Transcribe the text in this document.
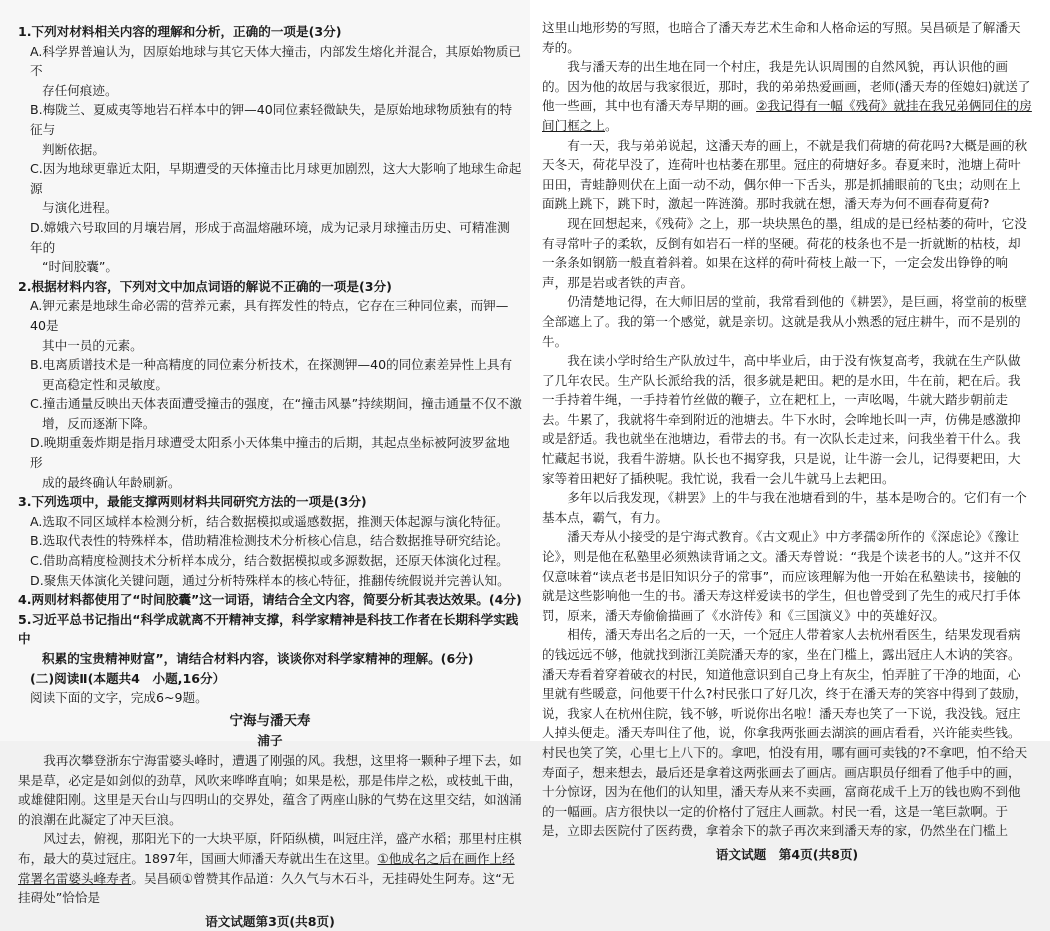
1.下列对材料相关内容的理解和分析，正确的一项是(3分)

A.科学界普遍认为，因原始地球与其它天体大撞击，内部发生熔化并混合，其原始物质已不

存任何痕迹。

B.梅陇兰、夏威夷等地岩石样本中的钾—40同位素轻微缺失，是原始地球物质独有的特征与

判断依据。

C.因为地球更靠近太阳，早期遭受的天体撞击比月球更加剧烈，这大大影响了地球生命起源

与演化进程。

D.嫦娥六号取回的月壤岩屑，形成于高温熔融环境，成为记录月球撞击历史、可精准测年的

“时间胶囊”。

2.根据材料内容，下列对文中加点词语的解说不正确的一项是(3分)

A.钾元素是地球生命必需的营养元素，具有挥发性的特点，它存在三种同位素，而钾—40是

其中一员的元素。

B.电离质谱技术是一种高精度的同位素分析技术，在探测钾—40的同位素差异性上具有

更高稳定性和灵敏度。

C.撞击通量反映出天体表面遭受撞击的强度，在“撞击风暴”持续期间，撞击通量不仅不激

增，反而逐渐下降。

D.晚期重轰炸期是指月球遭受太阳系小天体集中撞击的后期，其起点坐标被阿波罗盆地形

成的最终确认年龄刷新。

3.下列选项中，最能支撑两则材料共同研究方法的一项是(3分)

A.选取不同区域样本检测分析，结合数据模拟或遥感数据，推测天体起源与演化特征。

B.选取代表性的特殊样本，借助精准检测技术分析核心信息，结合数据推导研究结论。

C.借助高精度检测技术分析样本成分，结合数据模拟或多源数据，还原天体演化过程。

D.聚焦天体演化关键问题，通过分析特殊样本的核心特征，推翻传统假说并完善认知。

4.两则材料都使用了“时间胶囊”这一词语，请结合全文内容，简要分析其表达效果。(4分)

5.习近平总书记指出“科学成就离不开精神支撑，科学家精神是科技工作者在长期科学实践中

积累的宝贵精神财富”，请结合材料内容，谈谈你对科学家精神的理解。(6分)

(二)阅读Ⅱ(本题共4　小题,16分）

阅读下面的文字，完成6~9题。

宁海与潘天寿

浦子

我再次攀登浙东宁海雷婆头峰时，遭遇了刚强的风。我想，这里将一颗种子埋下去，如果是草，必定是如剑似的劲草，风吹来哗哗直响；如果是松，那是伟岸之松，或枝虬干曲，或雄健阳刚。这里是天台山与四明山的交界处，蕴含了两座山脉的气势在这里交结，如汹涌的浪潮在此凝定了冲天巨浪。

风过去，俯视，那阳光下的一大块平原，阡陌纵横，叫冠庄洋，盛产水稻；那里村庄棋布，最大的莫过冠庄。1897年，国画大师潘天寿就出生在这里。①他成名之后在画作上经常署名雷婆头峰寿者。吴昌硕①曾赞其作品道：久久气与木石斗，无挂碍处生阿寿。这“无挂碍处”恰恰是

语文试题第3页(共8页)

这里山地形势的写照，也暗合了潘天寿艺术生命和人格命运的写照。吴昌硕是了解潘天寿的。

我与潘天寿的出生地在同一个村庄，我是先认识周围的自然风貌，再认识他的画的。因为他的故居与我家很近，那时，我的弟弟热爱画画，老师(潘天寿的侄媳妇)就送了他一些画，其中也有潘天寿早期的画。②我记得有一幅《残荷》就挂在我兄弟俩同住的房间门框之上。

有一天，我与弟弟说起，这潘天寿的画上，不就是我们荷塘的荷花吗?大概是画的秋天冬天，荷花早没了，连荷叶也枯萎在那里。冠庄的荷塘好多。春夏来时，池塘上荷叶田田，青蛙静则伏在上面一动不动，偶尔伸一下舌头，那是抓捕眼前的飞虫；动则在上面跳上跳下，跳下时，激起一阵涟漪。那时我就在想，潘天寿为何不画春荷夏荷?

现在回想起来，《残荷》之上，那一块块黑色的墨，组成的是已经枯萎的荷叶，它没有寻常叶子的柔软，反倒有如岩石一样的坚硬。荷花的枝条也不是一折就断的枯枝，却一条条如钢筋一般直着斜着。如果在这样的荷叶荷枝上敲一下，一定会发出铮铮的响声，那是岩或者铁的声音。

仍清楚地记得，在大师旧居的堂前，我常看到他的《耕罢》，是巨画，将堂前的板壁全部遮上了。我的第一个感觉，就是亲切。这就是我从小熟悉的冠庄耕牛，而不是别的牛。

我在读小学时给生产队放过牛，高中毕业后，由于没有恢复高考，我就在生产队做了几年农民。生产队长派给我的活，很多就是耙田。耙的是水田，牛在前，耙在后。我一手持着牛绳，一手持着竹丝做的鞭子，立在耙杠上，一声吆喝，牛就大踏步朝前走去。牛累了，我就将牛牵到附近的池塘去。牛下水时，会哞地长叫一声，仿佛是感激抑或是舒适。我也就坐在池塘边，看带去的书。有一次队长走过来，问我坐着干什么。我忙藏起书说，我看牛游塘。队长也不揭穿我，只是说，让牛游一会儿，记得要耙田，大家等着田耙好了插秧呢。我忙说，我看一会儿牛就马上去耙田。

多年以后我发现，《耕罢》上的牛与我在池塘看到的牛，基本是吻合的。它们有一个基本点，霸气，有力。

潘天寿从小接受的是宁海式教育。《古文观止》中方孝孺②所作的《深虑论》《豫让论》，则是他在私塾里必须熟读背诵之文。潘天寿曾说：“我是个读老书的人。”这并不仅仅意味着“读点老书是旧知识分子的常事”，而应该理解为他一开始在私塾读书，接触的就是这些影响他一生的书。潘天寿这样爱读书的学生，但也曾受到了先生的戒尺打手体罚，原来，潘天寿偷偷描画了《水浒传》和《三国演义》中的英雄好汉。

相传，潘天寿出名之后的一天，一个冠庄人带着家人去杭州看医生，结果发现看病的钱远远不够，他就找到浙江美院潘天寿的家，坐在门槛上，露出冠庄人木讷的笑容。潘天寿看着穿着破衣的村民，知道他意识到自己身上有灰尘，怕弄脏了干净的地面，心里就有些暖意，问他要干什么?村民张口了好几次，终于在潘天寿的笑容中得到了鼓励，说，我家人在杭州住院，钱不够，听说你出名啦！潘天寿也笑了一下说，我没钱。冠庄人掉头便走。潘天寿叫住了他，说，你拿我两张画去湖滨的画店看看，兴许能卖些钱。村民也笑了笑，心里七上八下的。拿吧，怕没有用，哪有画可卖钱的?不拿吧，怕不给天寿面子，想来想去，最后还是拿着这两张画去了画店。画店职员仔细看了他手中的画，十分惊讶，因为在他们的认知里，潘天寿从来不卖画，富商花成千上万的钱也购不到他的一幅画。店方很快以一定的价格付了冠庄人画款。村民一看，这是一笔巨款啊。于是，立即去医院付了医药费，拿着余下的款子再次来到潘天寿的家，仍然坐在门槛上

语文试题　第4页(共8页)
